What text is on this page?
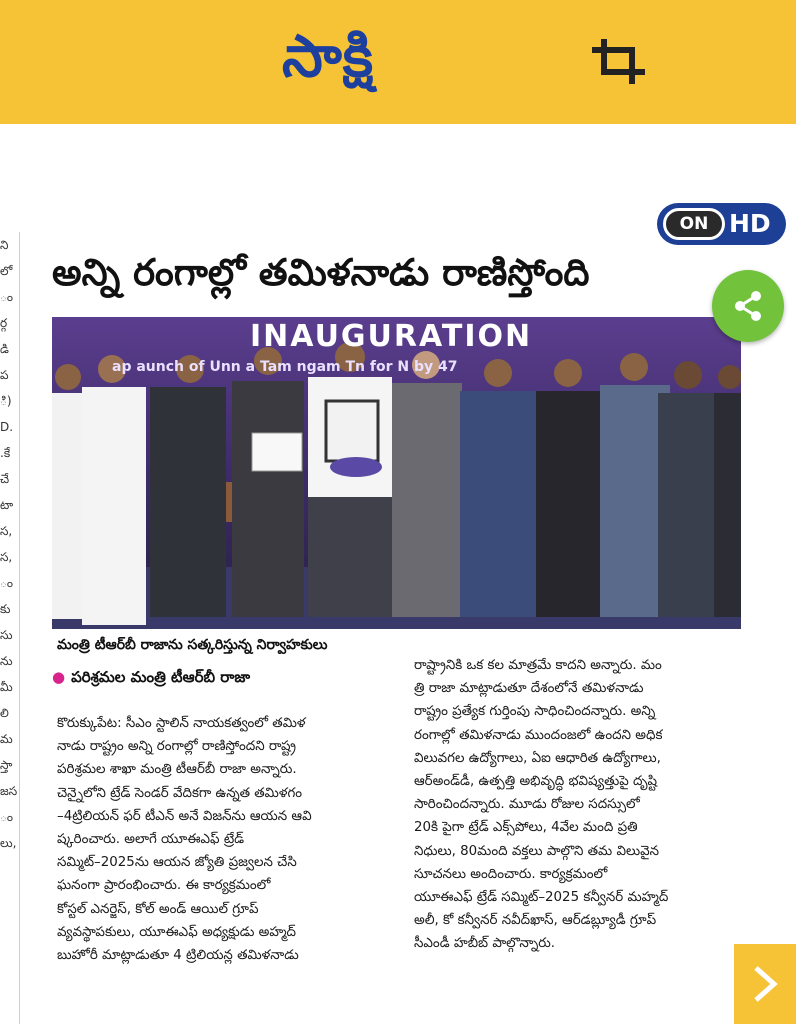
సాక్షి
ని
లో
ం
ర్గ
డి
ప
ి)
D.
.కే
చే
టా
స,
స,
ం
కు
సు
ను
మీ
లి
మ
స్తా
జస
ం
లు,
ON HD
అన్ని రంగాల్లో తమిళనాడు రాణిస్తోంది
INAUGURATION
ap aunch of Unn a Tam ngam Tn for N by 47
మంత్రి టీఆర్‌బీ రాజాను సత్కరిస్తున్న నిర్వాహకులు
● పరిశ్రమల మంత్రి టీఆర్‌బీ రాజా

కొరుక్కుపేట: సీఎం స్టాలిన్ నాయకత్వంలో తమిళ
నాడు రాష్ట్రం అన్ని రంగాల్లో రాణిస్తోందని రాష్ట్ర
పరిశ్రమల శాఖా మంత్రి టీఆర్‌బీ రాజా అన్నారు.
చెన్నైలోని ట్రేడ్ సెండర్ వేదికగా ఉన్నత తమిళగం
–4ట్రిలియన్ ఫర్ టీఎన్ అనే విజన్‌ను ఆయన ఆవి
ష్కరించారు. అలాగే యూఈఎఫ్ ట్రేడ్
సమ్మిట్–2025ను ఆయన జ్యోతి ప్రజ్వలన చేసి
ఘనంగా ప్రారంభించారు. ఈ కార్యక్రమంలో
కోస్టల్ ఎనర్జెస్, కోల్ అండ్ ఆయిల్ గ్రూప్
వ్యవస్థాపకులు, యూఈఎఫ్ అధ్యక్షుడు అహ్మద్
బుహోరీ మాట్లాడుతూ 4 ట్రిలియన్ల తమిళనాడు

రాష్ట్రానికి ఒక కల మాత్రమే కాదని అన్నారు. మం
త్రి రాజా మాట్లాడుతూ దేశంలోనే తమిళనాడు
రాష్ట్రం ప్రత్యేక గుర్తింపు సాధించిందన్నారు. అన్ని
రంగాల్లో తమిళనాడు ముందంజలో ఉందని అధిక
విలువగల ఉద్యోగాలు, ఏఐ ఆధారిత ఉద్యోగాలు,
ఆర్‌అండ్‌డీ, ఉత్పత్తి అభివృద్ధి భవిష్యత్తుపై దృష్టి
సారించిందన్నారు. మూడు రోజుల సదస్సులో
20కి పైగా ట్రేడ్ ఎక్స్‌పోలు, 4వేల మంది ప్రతి
నిధులు, 80మంది వక్తలు పాల్గొని తమ విలువైన
సూచనలు అందించారు. కార్యక్రమంలో
యూఈఎఫ్ ట్రేడ్ సమ్మిట్–2025 కన్వీనర్ మహ్మద్
అలీ, కో కన్వీనర్ నవీద్‌ఖాస్, ఆర్‌డబ్ల్యూడీ గ్రూప్
సీఎండీ హబీబ్ పాల్గొన్నారు.
